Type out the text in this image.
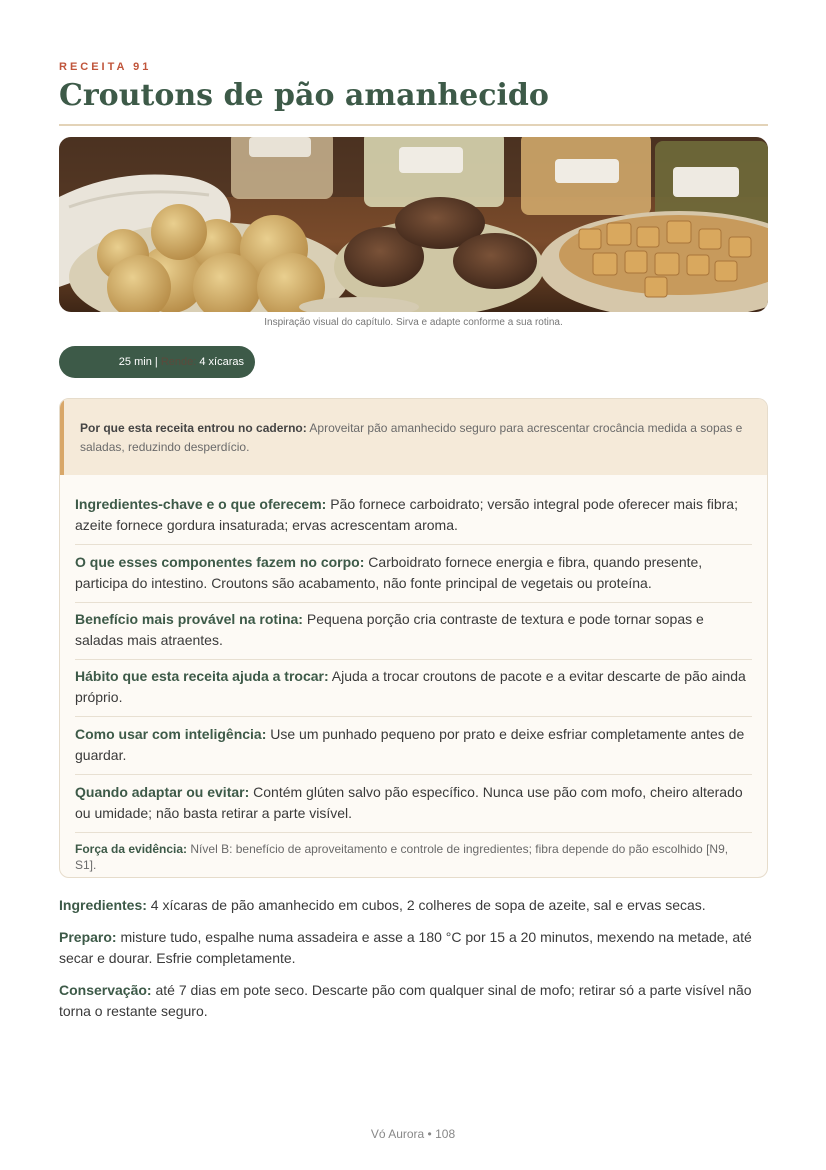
RECEITA 91
Croutons de pão amanhecido
Inspiração visual do capítulo. Sirva e adapte conforme a sua rotina.
25 min
|
Rende:
4 xícaras
Por que esta receita entrou no caderno: Aproveitar pão amanhecido seguro para acrescentar crocância medida a sopas e saladas, reduzindo desperdício.
Ingredientes-chave e o que oferecem: Pão fornece carboidrato; versão integral pode oferecer mais fibra; azeite fornece gordura insaturada; ervas acrescentam aroma.
O que esses componentes fazem no corpo: Carboidrato fornece energia e fibra, quando presente, participa do intestino. Croutons são acabamento, não fonte principal de vegetais ou proteína.
Benefício mais provável na rotina: Pequena porção cria contraste de textura e pode tornar sopas e saladas mais atraentes.
Hábito que esta receita ajuda a trocar: Ajuda a trocar croutons de pacote e a evitar descarte de pão ainda próprio.
Como usar com inteligência: Use um punhado pequeno por prato e deixe esfriar completamente antes de guardar.
Quando adaptar ou evitar: Contém glúten salvo pão específico. Nunca use pão com mofo, cheiro alterado ou umidade; não basta retirar a parte visível.
Força da evidência: Nível B: benefício de aproveitamento e controle de ingredientes; fibra depende do pão escolhido [N9, S1].
Ingredientes: 4 xícaras de pão amanhecido em cubos, 2 colheres de sopa de azeite, sal e ervas secas.
Preparo: misture tudo, espalhe numa assadeira e asse a 180 °C por 15 a 20 minutos, mexendo na metade, até secar e dourar. Esfrie completamente.
Conservação: até 7 dias em pote seco. Descarte pão com qualquer sinal de mofo; retirar só a parte visível não torna o restante seguro.
Vó Aurora • 108
